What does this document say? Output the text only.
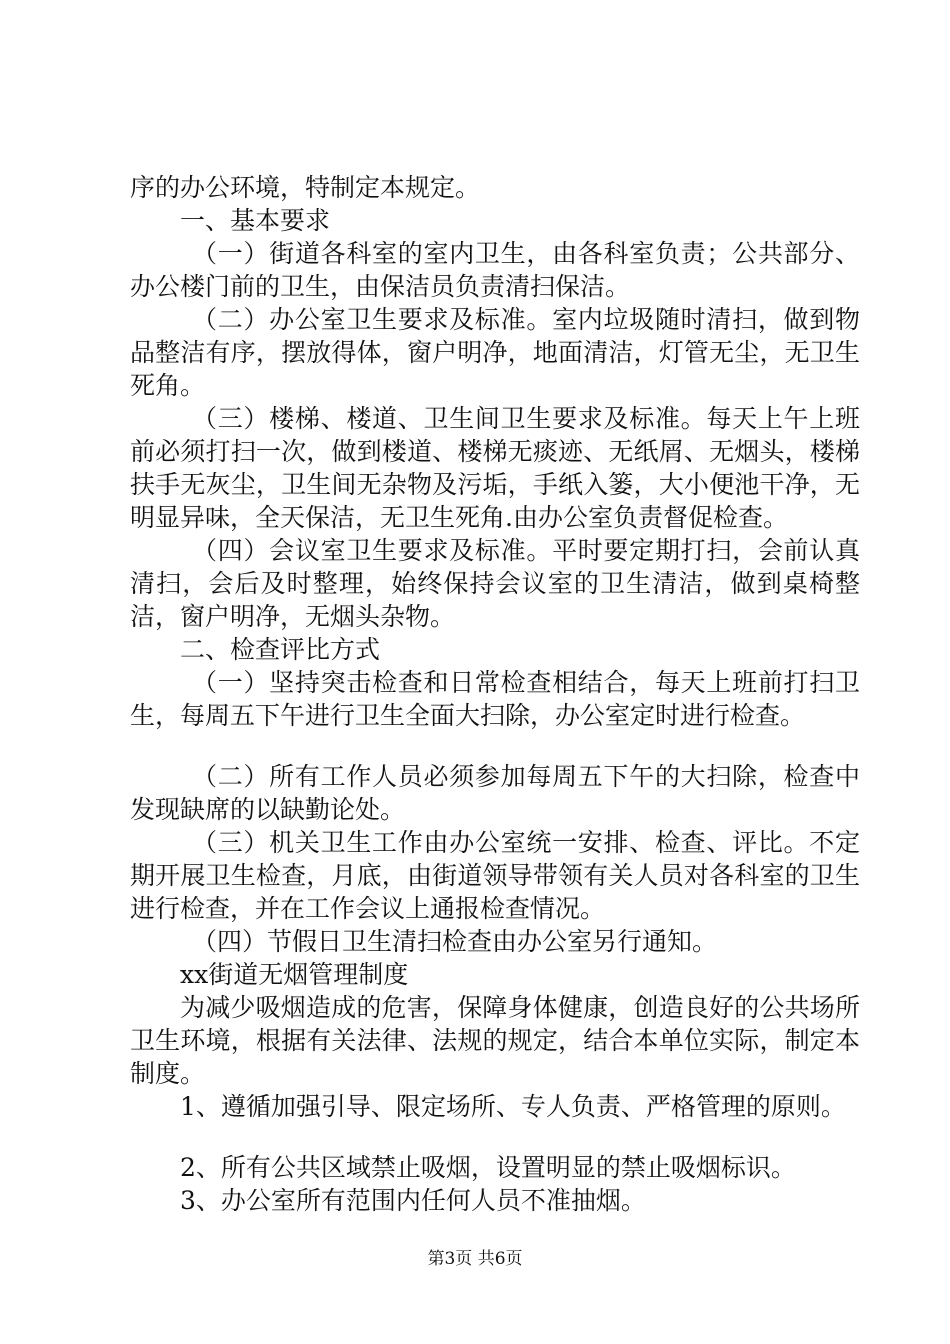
序的办公环境，特制定本规定。

一、基本要求

（一）街道各科室的室内卫生，由各科室负责；公共部分、办公楼门前的卫生，由保洁员负责清扫保洁。

（二）办公室卫生要求及标准。室内垃圾随时清扫，做到物品整洁有序，摆放得体，窗户明净，地面清洁，灯管无尘，无卫生死角。

（三）楼梯、楼道、卫生间卫生要求及标准。每天上午上班前必须打扫一次，做到楼道、楼梯无痰迹、无纸屑、无烟头，楼梯扶手无灰尘，卫生间无杂物及污垢，手纸入篓，大小便池干净，无明显异味，全天保洁，无卫生死角.由办公室负责督促检查。

（四）会议室卫生要求及标准。平时要定期打扫，会前认真清扫，会后及时整理，始终保持会议室的卫生清洁，做到桌椅整洁，窗户明净，无烟头杂物。

二、检查评比方式

（一）坚持突击检查和日常检查相结合，每天上班前打扫卫生，每周五下午进行卫生全面大扫除，办公室定时进行检查。

（二）所有工作人员必须参加每周五下午的大扫除，检查中发现缺席的以缺勤论处。

（三）机关卫生工作由办公室统一安排、检查、评比。不定期开展卫生检查，月底，由街道领导带领有关人员对各科室的卫生进行检查，并在工作会议上通报检查情况。

（四）节假日卫生清扫检查由办公室另行通知。

xx街道无烟管理制度

为减少吸烟造成的危害，保障身体健康，创造良好的公共场所卫生环境，根据有关法律、法规的规定，结合本单位实际，制定本制度。

1、遵循加强引导、限定场所、专人负责、严格管理的原则。

2、所有公共区域禁止吸烟，设置明显的禁止吸烟标识。

3、办公室所有范围内任何人员不准抽烟。

第3页 共6页
